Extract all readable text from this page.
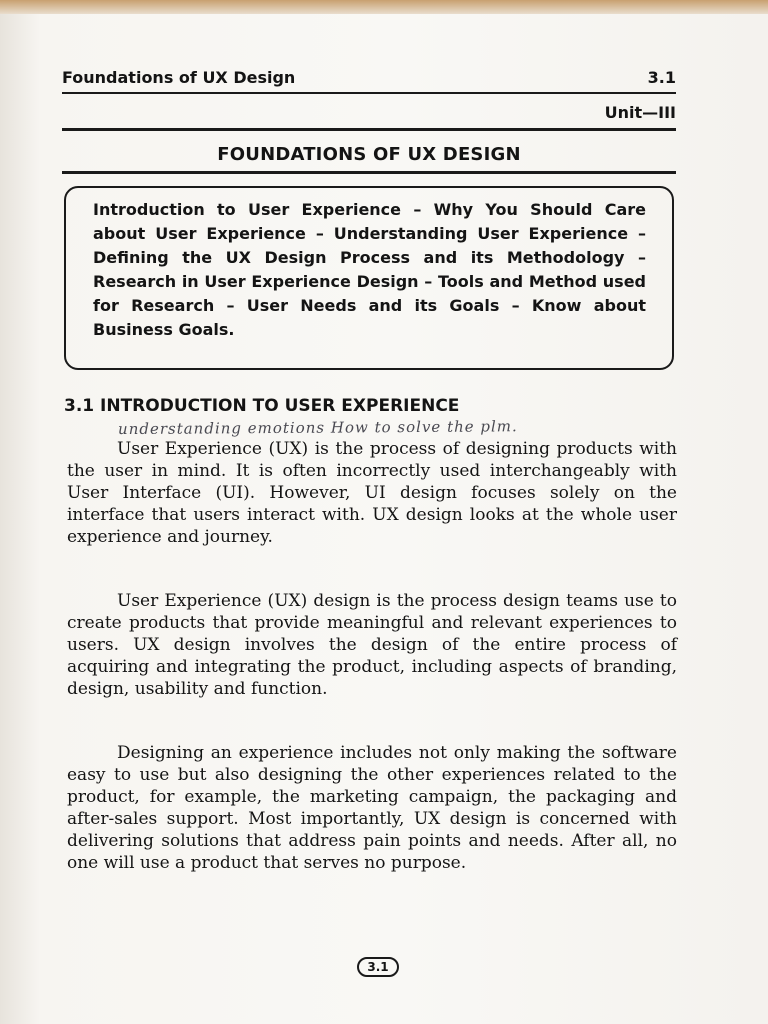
Foundations of UX Design	3.1
Unit—III
FOUNDATIONS OF UX DESIGN
Introduction to User Experience – Why You Should Care about User Experience – Understanding User Experience – Defining the UX Design Process and its Methodology – Research in User Experience Design – Tools and Method used for Research – User Needs and its Goals – Know about Business Goals.
3.1 INTRODUCTION TO USER EXPERIENCE
understanding emotions How to solve the plm.

User Experience (UX) is the process of designing products with the user in mind. It is often incorrectly used interchangeably with User Interface (UI). However, UI design focuses solely on the interface that users interact with. UX design looks at the whole user experience and journey.

User Experience (UX) design is the process design teams use to create products that provide meaningful and relevant experiences to users. UX design involves the design of the entire process of acquiring and integrating the product, including aspects of branding, design, usability and function.

Designing an experience includes not only making the software easy to use but also designing the other experiences related to the product, for example, the marketing campaign, the packaging and after-sales support. Most importantly, UX design is concerned with delivering solutions that address pain points and needs. After all, no one will use a product that serves no purpose.

3.1
